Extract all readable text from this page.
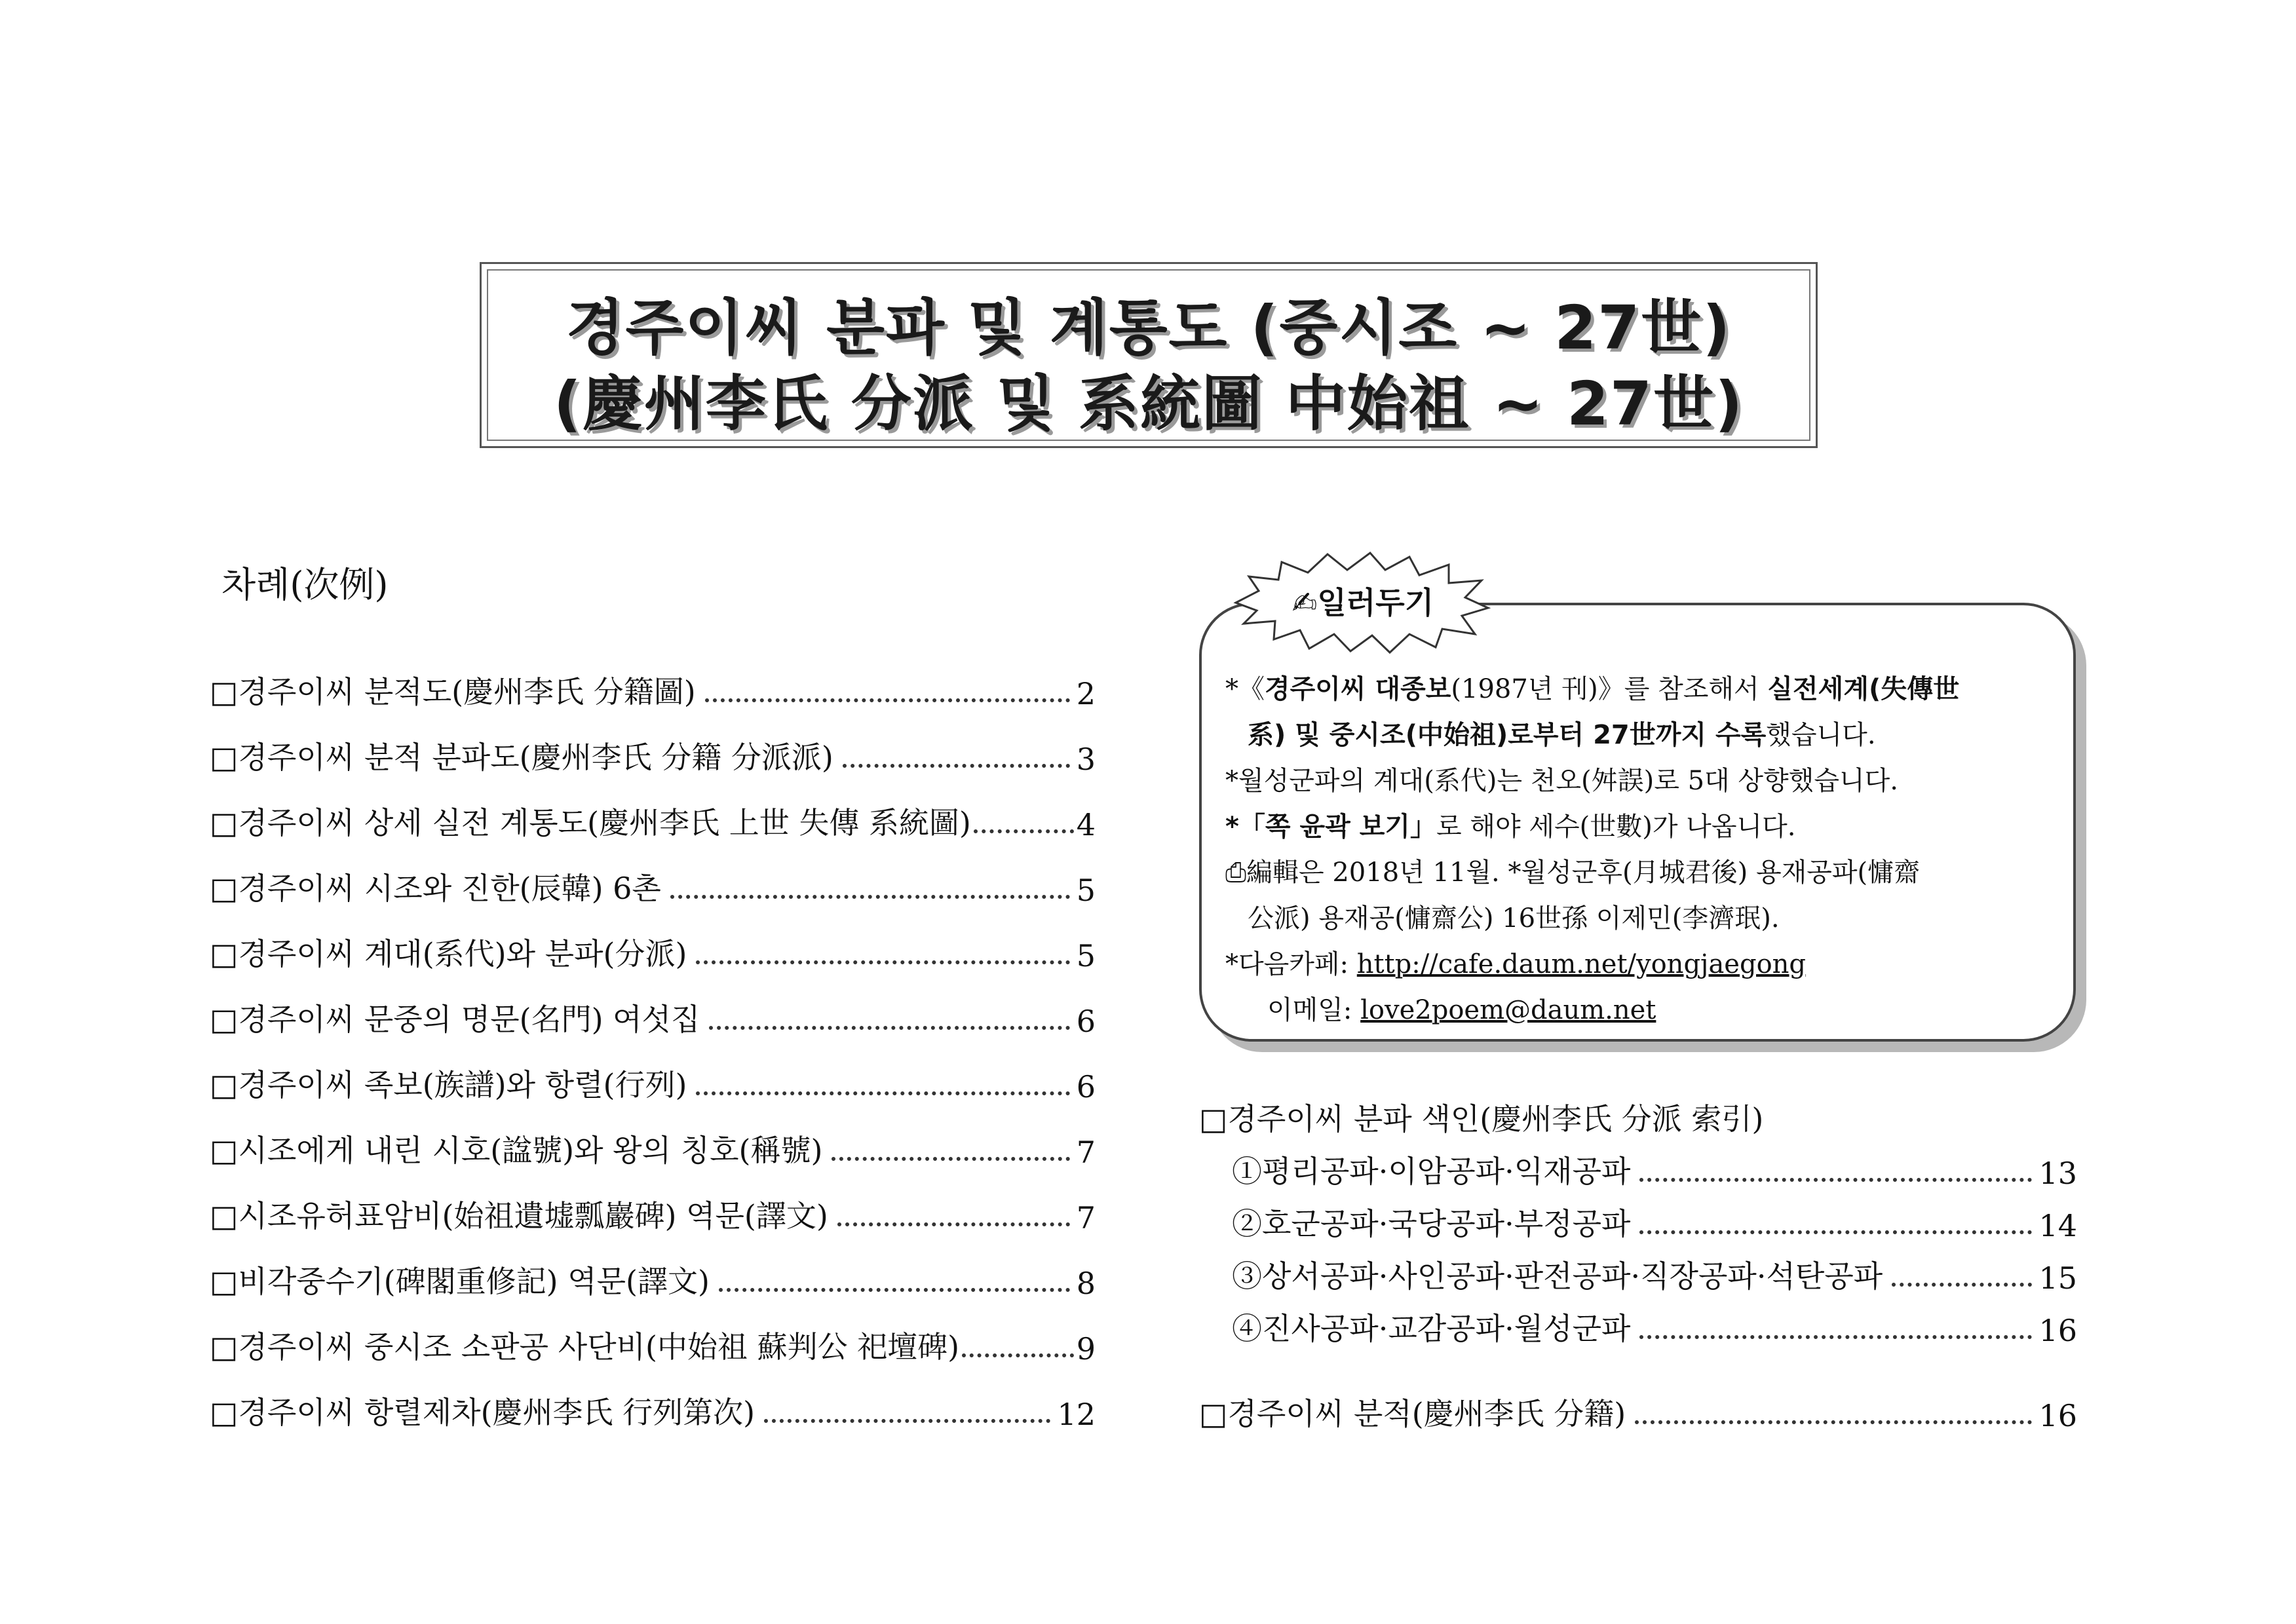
경주이씨 분파 및 계통도 (중시조 ~ 27世)
(慶州李氏 分派 및 系統圖 中始祖 ~ 27世)
차례(次例)
□경주이씨 분적도(慶州李氏 分籍圖)	2
□경주이씨 분적 분파도(慶州李氏 分籍 分派派)	3
□경주이씨 상세 실전 계통도(慶州李氏 上世 失傳 系統圖)	4
□경주이씨 시조와 진한(辰韓) 6촌	5
□경주이씨 계대(系代)와 분파(分派)	5
□경주이씨 문중의 명문(名門) 여섯집	6
□경주이씨 족보(族譜)와 항렬(行列)	6
□시조에게 내린 시호(諡號)와 왕의 칭호(稱號)	7
□시조유허표암비(始祖遺墟瓢巖碑) 역문(譯文)	7
□비각중수기(碑閣重修記) 역문(譯文)	8
□경주이씨 중시조 소판공 사단비(中始祖 蘇判公 祀壇碑)	9
□경주이씨 항렬제차(慶州李氏 行列第次)	12
✍일러두기
*《경주이씨 대종보(1987년 刊)》를 참조해서 실전세계(失傳世
系) 및 중시조(中始祖)로부터 27世까지 수록했습니다.
*월성군파의 계대(系代)는 천오(舛誤)로 5대 상향했습니다.
*「쪽 윤곽 보기」로 해야 세수(世數)가 나옵니다.
⎙編輯은 2018년 11월. *월성군후(月城君後) 용재공파(慵齋
公派) 용재공(慵齋公) 16世孫 이제민(李濟珉).
*다음카페: http://cafe.daum.net/yongjaegong
이메일: love2poem@daum.net
□경주이씨 분파 색인(慶州李氏 分派 索引)
①평리공파·이암공파·익재공파	13
②호군공파·국당공파·부정공파	14
③상서공파·사인공파·판전공파·직장공파·석탄공파	15
④진사공파·교감공파·월성군파	16
□경주이씨 분적(慶州李氏 分籍)	16
